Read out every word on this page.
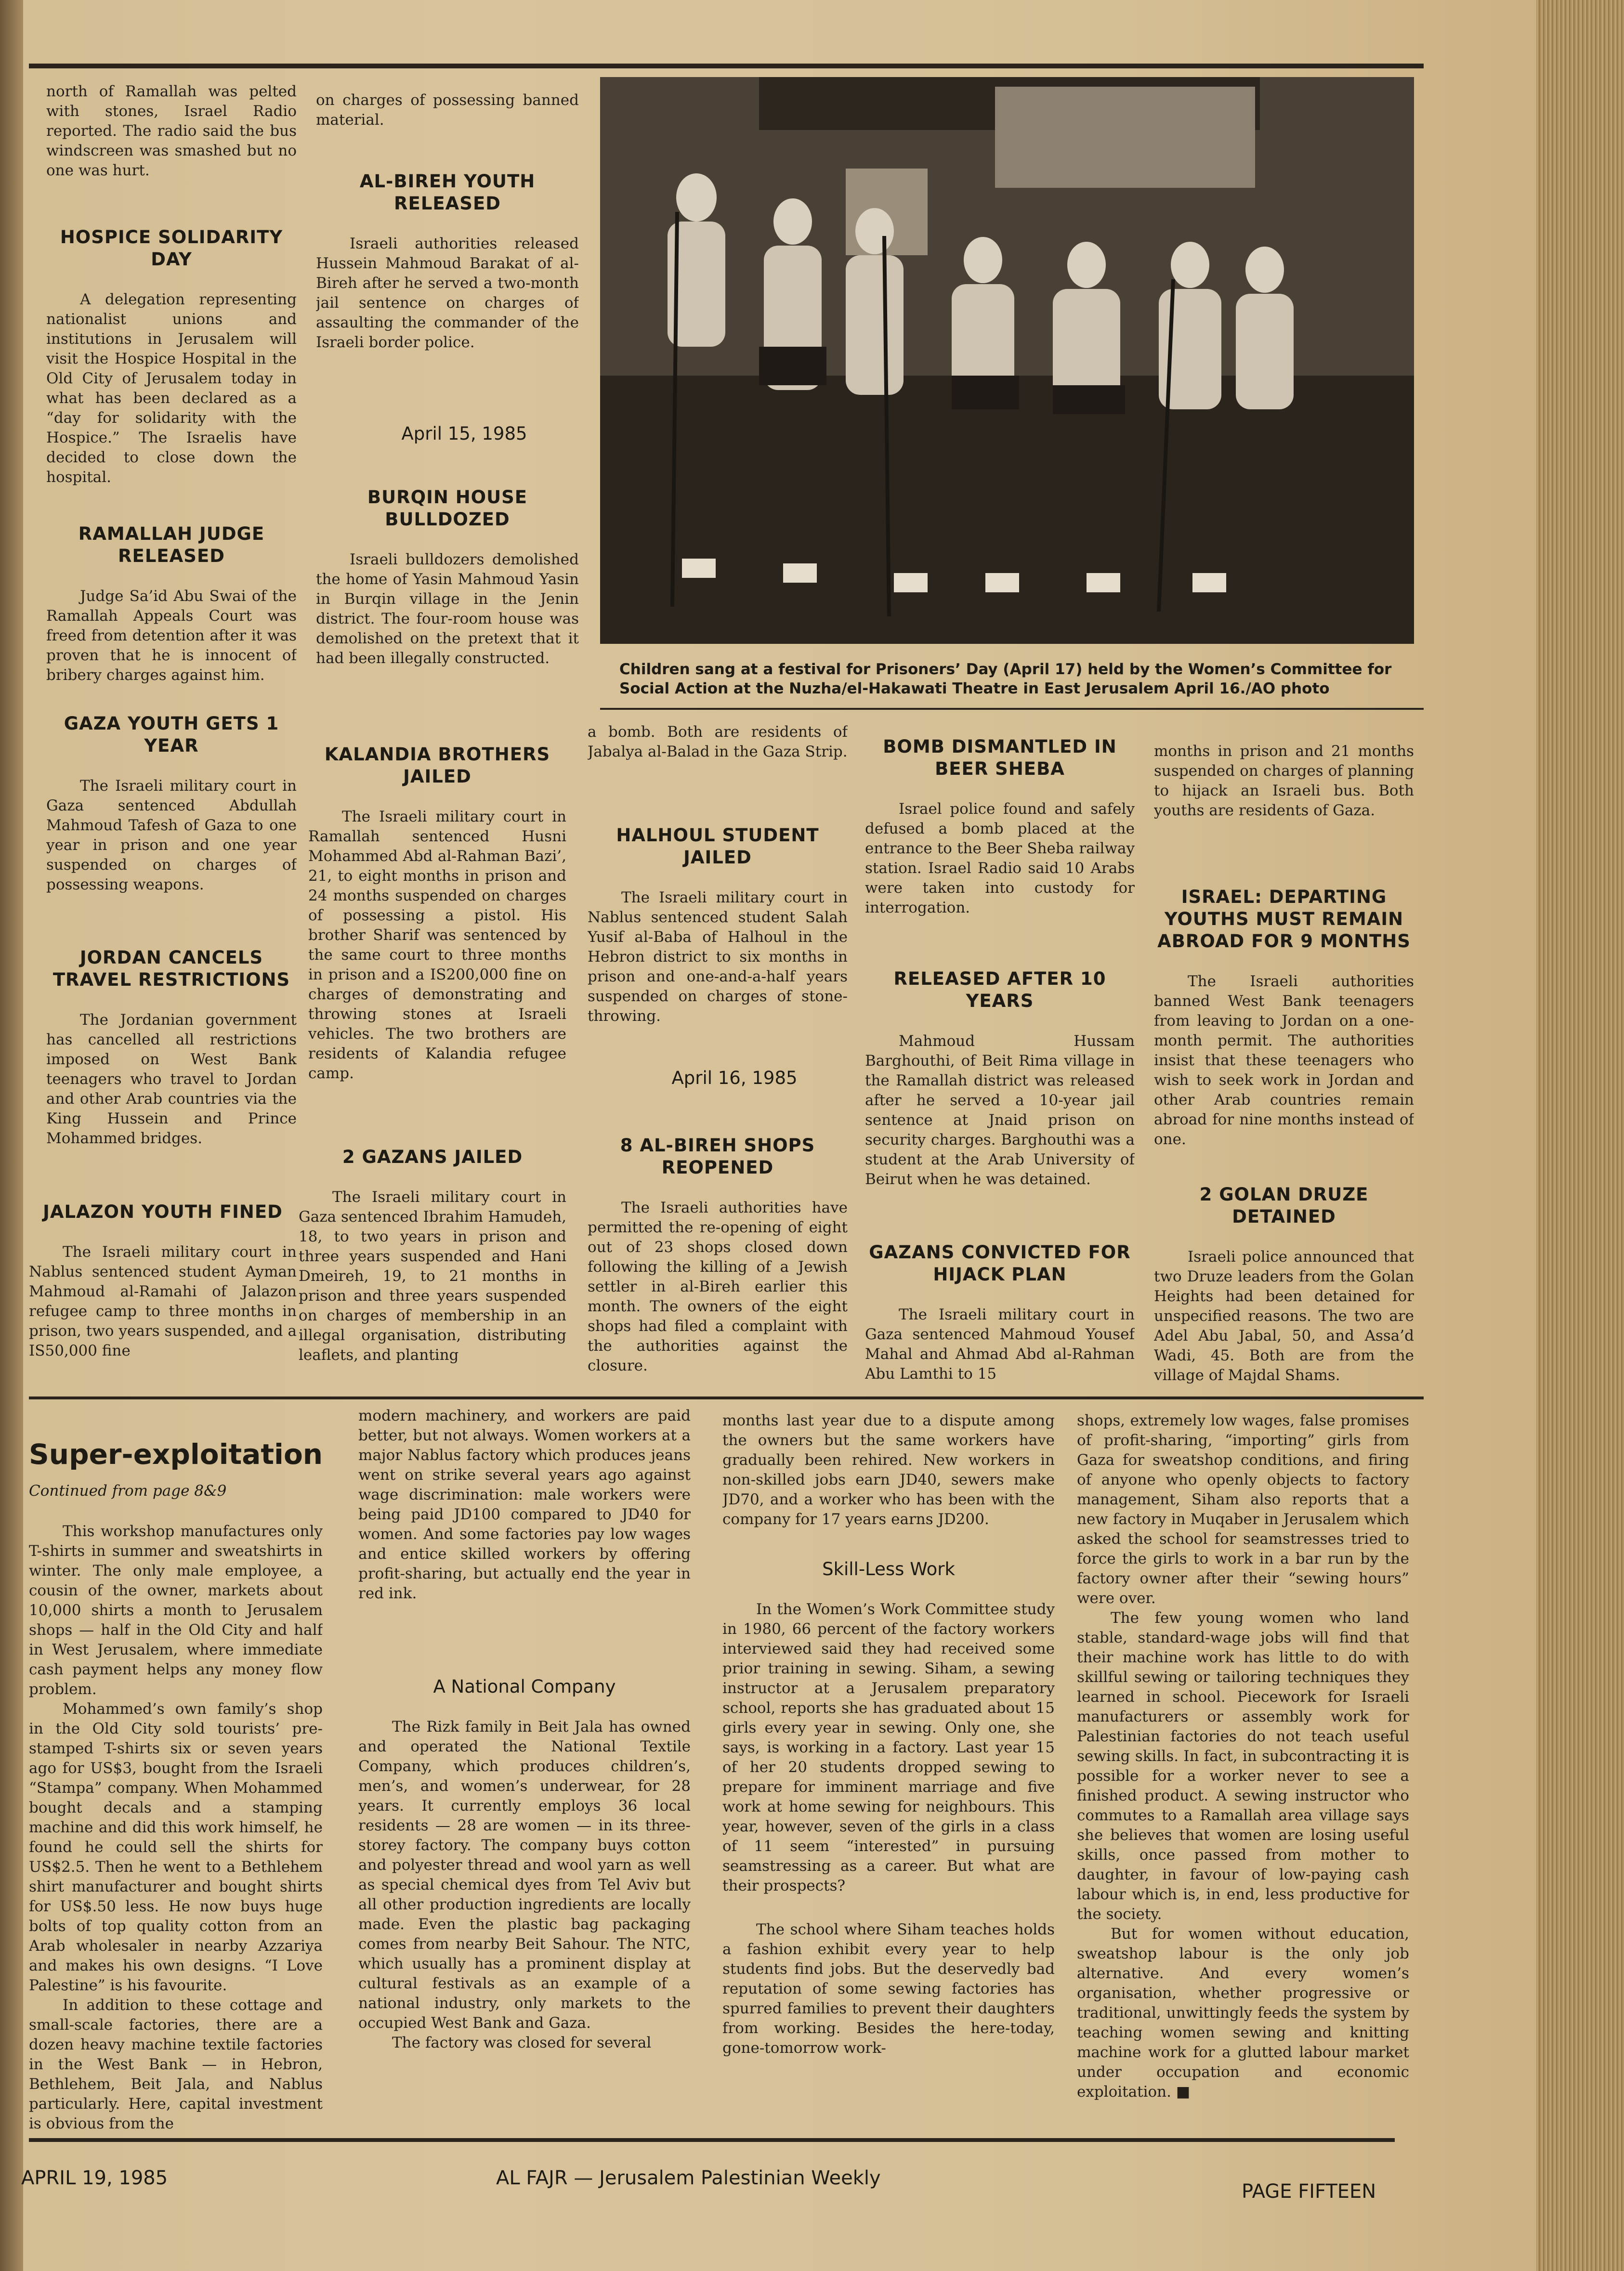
north of Ramallah was pelted with stones, Israel Radio reported. The radio said the bus windscreen was smashed but no one was hurt.

HOSPICE SOLIDARITY DAY

A delegation representing nationalist unions and institutions in Jerusalem will visit the Hospice Hospital in the Old City of Jerusalem today in what has been declared as a “day for solidarity with the Hospice.” The Israelis have decided to close down the hospital.

RAMALLAH JUDGE RELEASED

Judge Sa’id Abu Swai of the Ramallah Appeals Court was freed from detention after it was proven that he is innocent of bribery charges against him.

GAZA YOUTH GETS 1 YEAR

The Israeli military court in Gaza sentenced Abdullah Mahmoud Tafesh of Gaza to one year in prison and one year suspended on charges of possessing weapons.

JORDAN CANCELS TRAVEL RESTRICTIONS

The Jordanian government has cancelled all restrictions imposed on West Bank teenagers who travel to Jordan and other Arab countries via the King Hussein and Prince Mohammed bridges.

JALAZON YOUTH FINED

The Israeli military court in Nablus sentenced student Ayman Mahmoud al-Ramahi of Jalazon refugee camp to three months in prison, two years suspended, and a IS50,000 fine

on charges of possessing banned material.

AL-BIREH YOUTH RELEASED

Israeli authorities released Hussein Mahmoud Barakat of al-Bireh after he served a two-month jail sentence on charges of assaulting the commander of the Israeli border police.

April 15, 1985

BURQIN HOUSE BULLDOZED

Israeli bulldozers demolished the home of Yasin Mahmoud Yasin in Burqin village in the Jenin district. The four-room house was demolished on the pretext that it had been illegally constructed.

Children sang at a festival for Prisoners’ Day (April 17) held by the Women’s Committee for Social Action at the Nuzha/el-Hakawati Theatre in East Jerusalem April 16./AO photo
KALANDIA BROTHERS JAILED

The Israeli military court in Ramallah sentenced Husni Mohammed Abd al-Rahman Bazi’, 21, to eight months in prison and 24 months suspended on charges of possessing a pistol. His brother Sharif was sentenced by the same court to three months in prison and a IS200,000 fine on charges of demonstrating and throwing stones at Israeli vehicles. The two brothers are residents of Kalandia refugee camp.

2 GAZANS JAILED

The Israeli military court in Gaza sentenced Ibrahim Hamudeh, 18, to two years in prison and three years suspended and Hani Dmeireh, 19, to 21 months in prison and three years suspended on charges of membership in an illegal organisation, distributing leaflets, and planting

a bomb. Both are residents of Jabalya al-Balad in the Gaza Strip.

HALHOUL STUDENT JAILED

The Israeli military court in Nablus sentenced student Salah Yusif al-Baba of Halhoul in the Hebron district to six months in prison and one-and-a-half years suspended on charges of stone-throwing.

April 16, 1985

8 AL-BIREH SHOPS REOPENED

The Israeli authorities have permitted the re-opening of eight out of 23 shops closed down following the killing of a Jewish settler in al-Bireh earlier this month. The owners of the eight shops had filed a complaint with the authorities against the closure.

BOMB DISMANTLED IN BEER SHEBA

Israel police found and safely defused a bomb placed at the entrance to the Beer Sheba railway station. Israel Radio said 10 Arabs were taken into custody for interrogation.

RELEASED AFTER 10 YEARS

Mahmoud Hussam Barghouthi, of Beit Rima village in the Ramallah district was released after he served a 10-year jail sentence at Jnaid prison on security charges. Barghouthi was a student at the Arab University of Beirut when he was detained.

GAZANS CONVICTED FOR HIJACK PLAN

The Israeli military court in Gaza sentenced Mahmoud Yousef Mahal and Ahmad Abd al-Rahman Abu Lamthi to 15

months in prison and 21 months suspended on charges of planning to hijack an Israeli bus. Both youths are residents of Gaza.

ISRAEL: DEPARTING YOUTHS MUST REMAIN ABROAD FOR 9 MONTHS

The Israeli authorities banned West Bank teenagers from leaving to Jordan on a one-month permit. The authorities insist that these teenagers who wish to seek work in Jordan and other Arab countries remain abroad for nine months instead of one.

2 GOLAN DRUZE DETAINED

Israeli police announced that two Druze leaders from the Golan Heights had been detained for unspecified reasons. The two are Adel Abu Jabal, 50, and Assa’d Wadi, 45. Both are from the village of Majdal Shams.

Super-exploitation

Continued from page 8&9

This workshop manufactures only T-shirts in summer and sweatshirts in winter. The only male employee, a cousin of the owner, markets about 10,000 shirts a month to Jerusalem shops — half in the Old City and half in West Jerusalem, where immediate cash payment helps any money flow problem.

Mohammed’s own family’s shop in the Old City sold tourists’ pre-stamped T-shirts six or seven years ago for US$3, bought from the Israeli “Stampa” company. When Mohammed bought decals and a stamping machine and did this work himself, he found he could sell the shirts for US$2.5. Then he went to a Bethlehem shirt manufacturer and bought shirts for US$.50 less. He now buys huge bolts of top quality cotton from an Arab wholesaler in nearby Azzariya and makes his own designs. “I Love Palestine” is his favourite.

In addition to these cottage and small-scale factories, there are a dozen heavy machine textile factories in the West Bank — in Hebron, Bethlehem, Beit Jala, and Nablus particularly. Here, capital investment is obvious from the

modern machinery, and workers are paid better, but not always. Women workers at a major Nablus factory which produces jeans went on strike several years ago against wage discrimination: male workers were being paid JD100 compared to JD40 for women. And some factories pay low wages and entice skilled workers by offering profit-sharing, but actually end the year in red ink.

A National Company

The Rizk family in Beit Jala has owned and operated the National Textile Company, which produces children’s, men’s, and women’s underwear, for 28 years. It currently employs 36 local residents — 28 are women — in its three-storey factory. The company buys cotton and polyester thread and wool yarn as well as special chemical dyes from Tel Aviv but all other production ingredients are locally made. Even the plastic bag packaging comes from nearby Beit Sahour. The NTC, which usually has a prominent display at cultural festivals as an example of a national industry, only markets to the occupied West Bank and Gaza.

The factory was closed for several

months last year due to a dispute among the owners but the same workers have gradually been rehired. New workers in non-skilled jobs earn JD40, sewers make JD70, and a worker who has been with the company for 17 years earns JD200.

Skill-Less Work

In the Women’s Work Committee study in 1980, 66 percent of the factory workers interviewed said they had received some prior training in sewing. Siham, a sewing instructor at a Jerusalem preparatory school, reports she has graduated about 15 girls every year in sewing. Only one, she says, is working in a factory. Last year 15 of her 20 students dropped sewing to prepare for imminent marriage and five work at home sewing for neighbours. This year, however, seven of the girls in a class of 11 seem “interested” in pursuing seamstressing as a career. But what are their prospects?

The school where Siham teaches holds a fashion exhibit every year to help students find jobs. But the deservedly bad reputation of some sewing factories has spurred families to prevent their daughters from working. Besides the here-today, gone-tomorrow work-

shops, extremely low wages, false promises of profit-sharing, “importing” girls from Gaza for sweatshop conditions, and firing of anyone who openly objects to factory management, Siham also reports that a new factory in Muqaber in Jerusalem which asked the school for seamstresses tried to force the girls to work in a bar run by the factory owner after their “sewing hours” were over.

The few young women who land stable, standard-wage jobs will find that their machine work has little to do with skillful sewing or tailoring techniques they learned in school. Piecework for Israeli manufacturers or assembly work for Palestinian factories do not teach useful sewing skills. In fact, in subcontracting it is possible for a worker never to see a finished product. A sewing instructor who commutes to a Ramallah area village says she believes that women are losing useful skills, once passed from mother to daughter, in favour of low-paying cash labour which is, in end, less productive for the society.

But for women without education, sweatshop labour is the only job alternative. And every women’s organisation, whether progressive or traditional, unwittingly feeds the system by teaching women sewing and knitting machine work for a glutted labour market under occupation and economic exploitation. ■

APRIL 19, 1985	AL FAJR — Jerusalem Palestinian Weekly
PAGE FIFTEEN
